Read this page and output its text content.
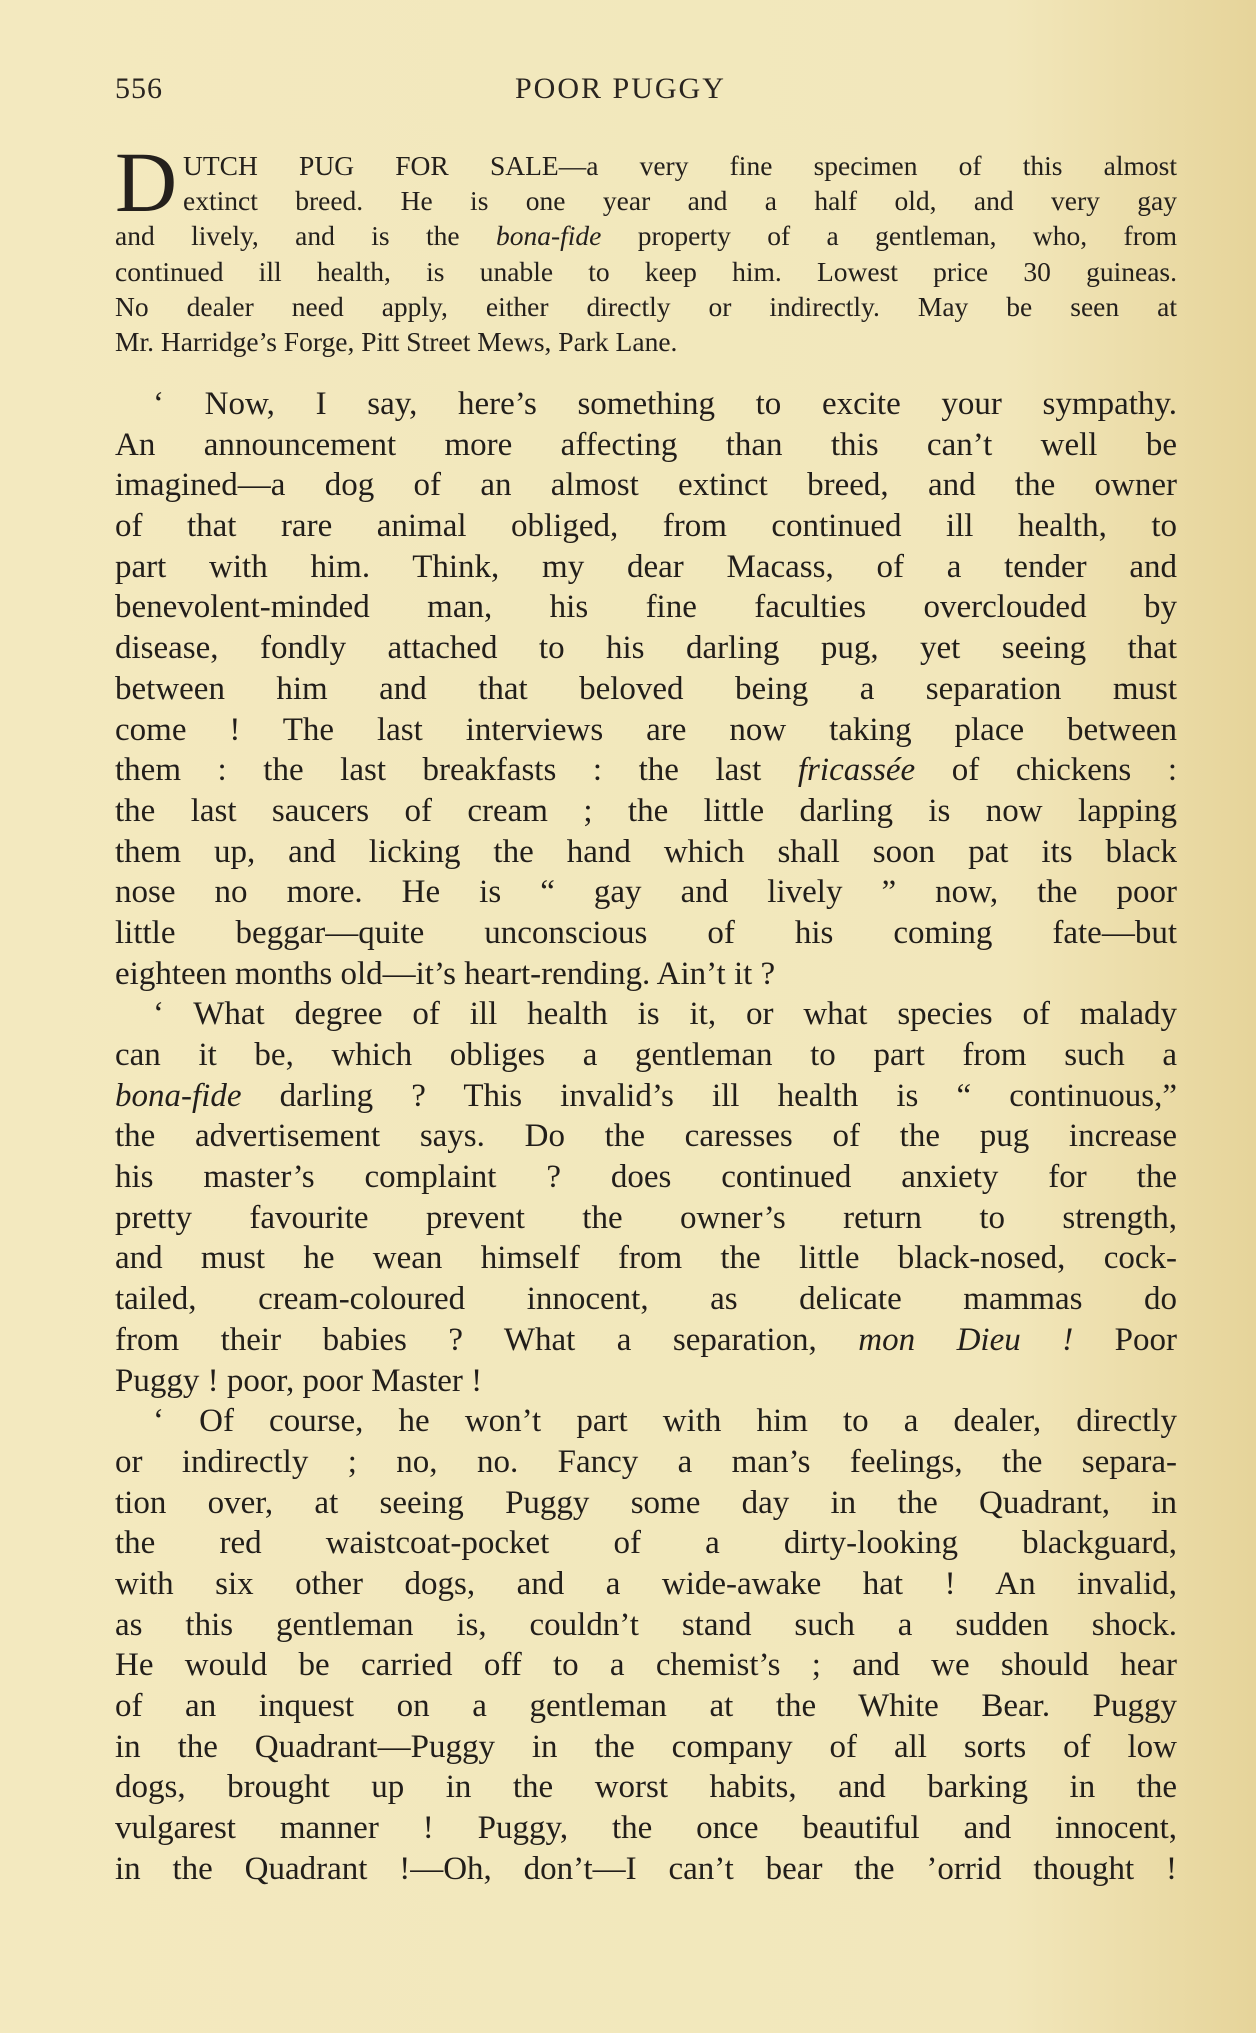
556	POOR PUGGY
D UTCH PUG FOR SALE—a very fine specimen of this almost
extinct breed. He is one year and a half old, and very gay
and lively, and is the bona-fide property of a gentleman, who, from
continued ill health, is unable to keep him. Lowest price 30 guineas.
No dealer need apply, either directly or indirectly. May be seen at
Mr. Harridge’s Forge, Pitt Street Mews, Park Lane.
‘ Now, I say, here’s something to excite your sympathy.
An announcement more affecting than this can’t well be
imagined—a dog of an almost extinct breed, and the owner
of that rare animal obliged, from continued ill health, to
part with him. Think, my dear Macass, of a tender and
benevolent-minded man, his fine faculties overclouded by
disease, fondly attached to his darling pug, yet seeing that
between him and that beloved being a separation must
come ! The last interviews are now taking place between
them : the last breakfasts : the last fricassée of chickens :
the last saucers of cream ; the little darling is now lapping
them up, and licking the hand which shall soon pat its black
nose no more. He is “ gay and lively ” now, the poor
little beggar—quite unconscious of his coming fate—but
eighteen months old—it’s heart-rending. Ain’t it ?
‘ What degree of ill health is it, or what species of malady
can it be, which obliges a gentleman to part from such a
bona-fide darling ? This invalid’s ill health is “ continuous,”
the advertisement says. Do the caresses of the pug increase
his master’s complaint ? does continued anxiety for the
pretty favourite prevent the owner’s return to strength,
and must he wean himself from the little black-nosed, cock-
tailed, cream-coloured innocent, as delicate mammas do
from their babies ? What a separation, mon Dieu ! Poor
Puggy ! poor, poor Master !
‘ Of course, he won’t part with him to a dealer, directly
or indirectly ; no, no. Fancy a man’s feelings, the separa-
tion over, at seeing Puggy some day in the Quadrant, in
the red waistcoat-pocket of a dirty-looking blackguard,
with six other dogs, and a wide-awake hat ! An invalid,
as this gentleman is, couldn’t stand such a sudden shock.
He would be carried off to a chemist’s ; and we should hear
of an inquest on a gentleman at the White Bear. Puggy
in the Quadrant—Puggy in the company of all sorts of low
dogs, brought up in the worst habits, and barking in the
vulgarest manner ! Puggy, the once beautiful and innocent,
in the Quadrant !—Oh, don’t—I can’t bear the ’orrid thought !
